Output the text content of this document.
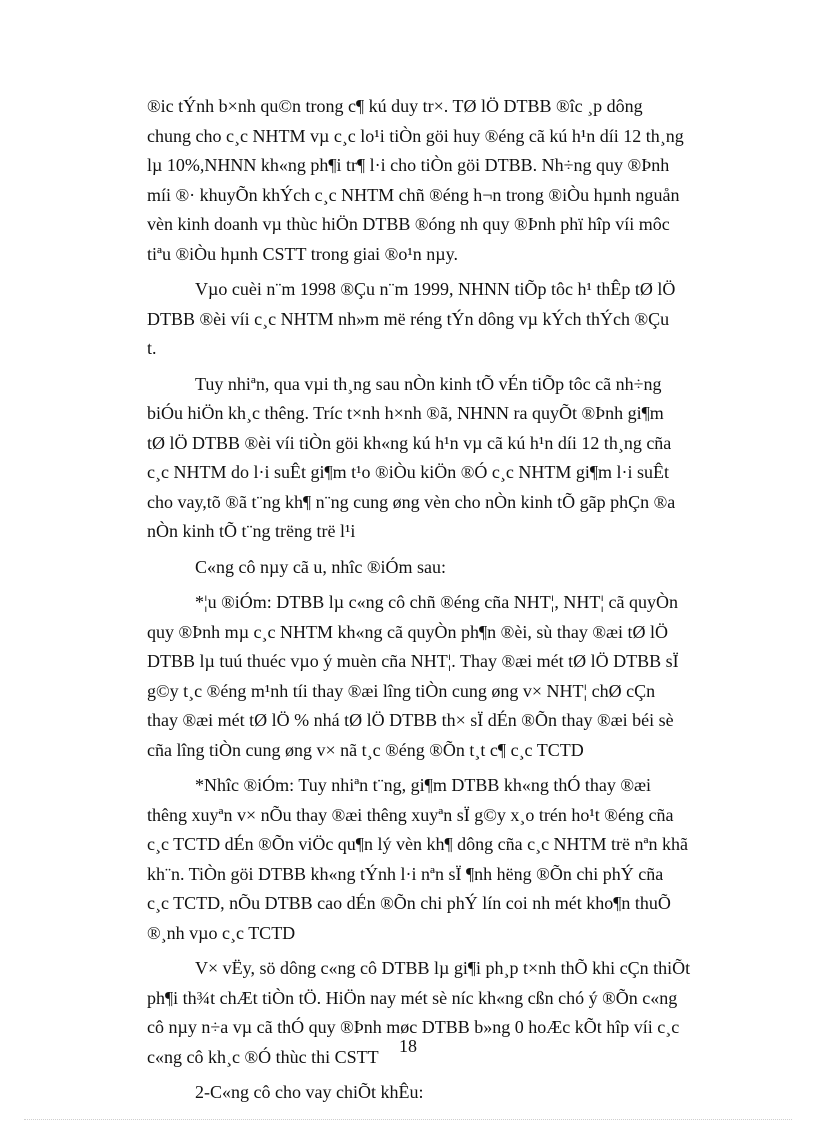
®ic tÝnh b×nh qu©n trong c¶ kú duy tr×. TØ lÖ DTBB ®îc ¸p dông
chung cho c¸c NHTM vµ c¸c lo¹i tiÒn göi huy ®éng cã kú h¹n díi 12 th¸ng
lµ 10%,NHNN kh«ng ph¶i tr¶ l·i cho tiÒn göi DTBB. Nh÷ng quy ®Þnh
míi ®· khuyÕn khÝch c¸c NHTM chñ ®éng h¬n trong ®iÒu hµnh nguån
vèn kinh doanh vµ thùc hiÖn DTBB ®óng nh quy ®Þnh phï hîp víi môc
tiªu ®iÒu hµnh CSTT trong giai ®o¹n nµy.

Vµo cuèi n¨m 1998 ®Çu n¨m 1999, NHNN tiÕp tôc h¹ thÊp tØ lÖ
DTBB ®èi víi c¸c NHTM nh»m më réng tÝn dông vµ kÝch thÝch ®Çu
t.

Tuy nhiªn, qua vµi th¸ng sau nÒn kinh tÕ vÉn tiÕp tôc cã nh÷ng
biÓu hiÖn kh¸c thêng. Tríc t×nh h×nh ®ã, NHNN ra quyÕt ®Þnh gi¶m
tØ lÖ DTBB ®èi víi tiÒn göi kh«ng kú h¹n vµ cã kú h¹n díi 12 th¸ng cña
c¸c NHTM do l·i suÊt gi¶m t¹o ®iÒu kiÖn ®Ó c¸c NHTM gi¶m l·i suÊt
cho vay,tõ ®ã t¨ng kh¶ n¨ng cung øng vèn cho nÒn kinh tÕ gãp phÇn ®a
nÒn kinh tÕ t¨ng trëng trë l¹i

C«ng cô nµy cã u, nhîc ®iÓm sau:

*¦u ®iÓm: DTBB lµ c«ng cô chñ ®éng cña NHT¦, NHT¦ cã quyÒn
quy ®Þnh mµ c¸c NHTM kh«ng cã quyÒn ph¶n ®èi, sù thay ®æi tØ lÖ
DTBB lµ tuú thuéc vµo ý muèn cña NHT¦. Thay ®æi mét tØ lÖ DTBB sÏ
g©y t¸c ®éng m¹nh tíi thay ®æi lîng tiÒn cung øng v× NHT¦ chØ cÇn
thay ®æi mét tØ lÖ % nhá tØ lÖ DTBB th× sÏ dÉn ®Õn thay ®æi béi sè
cña lîng tiÒn cung øng v× nã t¸c ®éng ®Õn t¸t c¶ c¸c TCTD

*Nhîc ®iÓm: Tuy nhiªn t¨ng, gi¶m DTBB kh«ng thÓ thay ®æi
thêng xuyªn v× nÕu thay ®æi thêng xuyªn sÏ g©y x¸o trén ho¹t ®éng cña
c¸c TCTD dÉn ®Õn viÖc qu¶n lý vèn kh¶ dông cña c¸c NHTM trë nªn khã
kh¨n. TiÒn göi DTBB kh«ng tÝnh l·i nªn sÏ ¶nh hëng ®Õn chi phÝ cña
c¸c TCTD, nÕu DTBB cao dÉn ®Õn chi phÝ lín coi nh mét kho¶n thuÕ
®¸nh vµo c¸c TCTD

V× vËy, sö dông c«ng cô DTBB lµ gi¶i ph¸p t×nh thÕ khi cÇn thiÕt
ph¶i th¾t chÆt tiÒn tÖ. HiÖn nay mét sè níc kh«ng cßn chó ý ®Õn c«ng
cô nµy n÷a vµ cã thÓ quy ®Þnh møc DTBB b»ng 0 hoÆc kÕt hîp víi c¸c
c«ng cô kh¸c ®Ó thùc thi CSTT

2-C«ng cô cho vay chiÕt khÊu:

18
